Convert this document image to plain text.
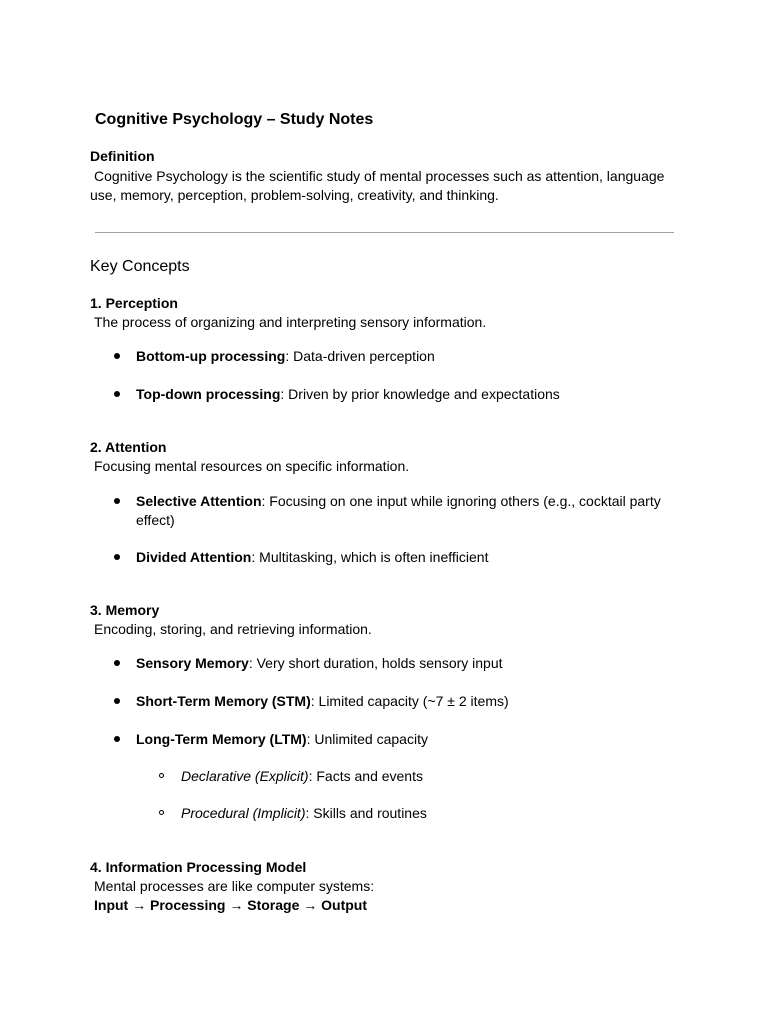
Cognitive Psychology – Study Notes
Definition
Cognitive Psychology is the scientific study of mental processes such as attention, language
use, memory, perception, problem-solving, creativity, and thinking.
Key Concepts
1. Perception
The process of organizing and interpreting sensory information.
Bottom-up processing: Data-driven perception
Top-down processing: Driven by prior knowledge and expectations
2. Attention
Focusing mental resources on specific information.
Selective Attention: Focusing on one input while ignoring others (e.g., cocktail party
effect)
Divided Attention: Multitasking, which is often inefficient
3. Memory
Encoding, storing, and retrieving information.
Sensory Memory: Very short duration, holds sensory input
Short-Term Memory (STM): Limited capacity (~7 ± 2 items)
Long-Term Memory (LTM): Unlimited capacity
Declarative (Explicit): Facts and events
Procedural (Implicit): Skills and routines
4. Information Processing Model
Mental processes are like computer systems:
Input → Processing → Storage → Output
